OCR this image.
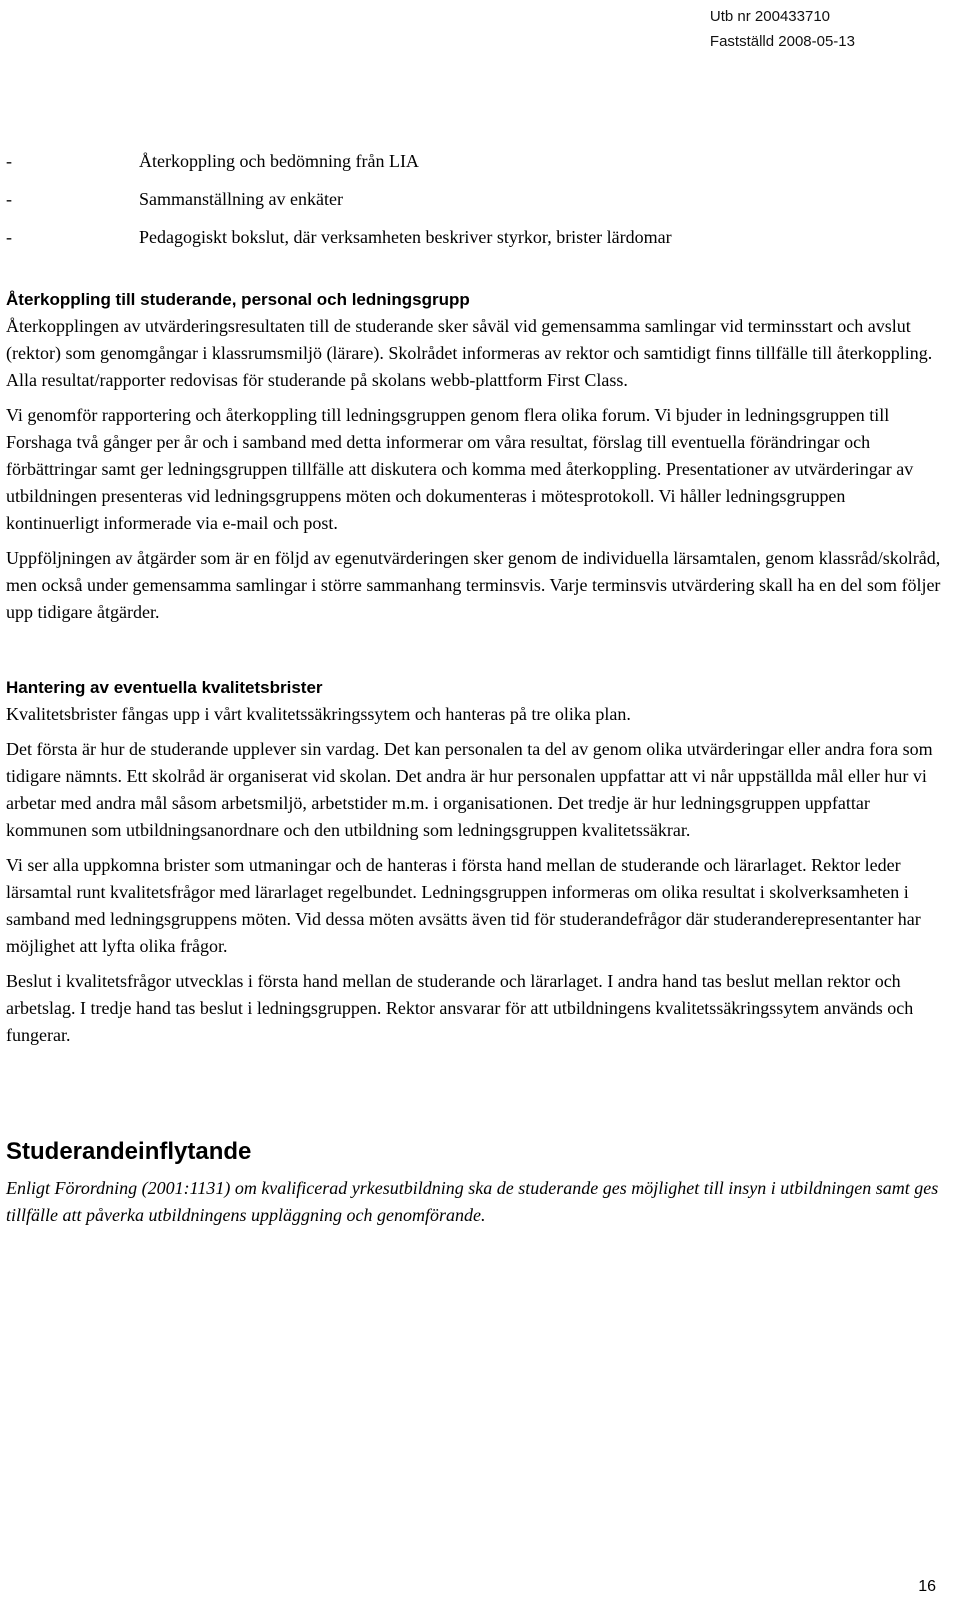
Utb nr 200433710
Fastställd 2008-05-13
-	Återkoppling och bedömning från LIA
-	Sammanställning av enkäter
-	Pedagogiskt bokslut, där verksamheten beskriver styrkor, brister lärdomar
Återkoppling till studerande, personal och ledningsgrupp

Återkopplingen av utvärderingsresultaten till de studerande sker såväl vid gemensamma samlingar vid terminsstart och avslut (rektor) som genomgångar i klassrumsmiljö (lärare). Skolrådet informeras av rektor och samtidigt finns tillfälle till återkoppling. Alla resultat/rapporter redovisas för studerande på skolans webb-plattform First Class.

Vi genomför rapportering och återkoppling till ledningsgruppen genom flera olika forum. Vi bjuder in ledningsgruppen till Forshaga två gånger per år och i samband med detta informerar om våra resultat, förslag till eventuella förändringar och förbättringar samt ger ledningsgruppen tillfälle att diskutera och komma med återkoppling. Presentationer av utvärderingar av utbildningen presenteras vid ledningsgruppens möten och dokumenteras i mötesprotokoll. Vi håller ledningsgruppen kontinuerligt informerade via e-mail och post.

Uppföljningen av åtgärder som är en följd av egenutvärderingen sker genom de individuella lärsamtalen, genom klassråd/skolråd, men också under gemensamma samlingar i större sammanhang terminsvis. Varje terminsvis utvärdering skall ha en del som följer upp tidigare åtgärder.

Hantering av eventuella kvalitetsbrister

Kvalitetsbrister fångas upp i vårt kvalitetssäkringssytem och hanteras på tre olika plan.

Det första är hur de studerande upplever sin vardag. Det kan personalen ta del av genom olika utvärderingar eller andra fora som tidigare nämnts. Ett skolråd är organiserat vid skolan. Det andra är hur personalen uppfattar att vi når uppställda mål eller hur vi arbetar med andra mål såsom arbetsmiljö, arbetstider m.m. i organisationen. Det tredje är hur ledningsgruppen uppfattar kommunen som utbildningsanordnare och den utbildning som ledningsgruppen kvalitetssäkrar.

Vi ser alla uppkomna brister som utmaningar och de hanteras i första hand mellan de studerande och lärarlaget. Rektor leder lärsamtal runt kvalitetsfrågor med lärarlaget regelbundet. Ledningsgruppen informeras om olika resultat i skolverksamheten i samband med ledningsgruppens möten. Vid dessa möten avsätts även tid för studerandefrågor där studeranderepresentanter har möjlighet att lyfta olika frågor.

Beslut i kvalitetsfrågor utvecklas i första hand mellan de studerande och lärarlaget. I andra hand tas beslut mellan rektor och arbetslag. I tredje hand tas beslut i ledningsgruppen. Rektor ansvarar för att utbildningens kvalitetssäkringssytem används och fungerar.

Studerandeinflytande

Enligt Förordning (2001:1131) om kvalificerad yrkesutbildning ska de studerande ges möjlighet till insyn i utbildningen samt ges tillfälle att påverka utbildningens uppläggning och genomförande.

16
